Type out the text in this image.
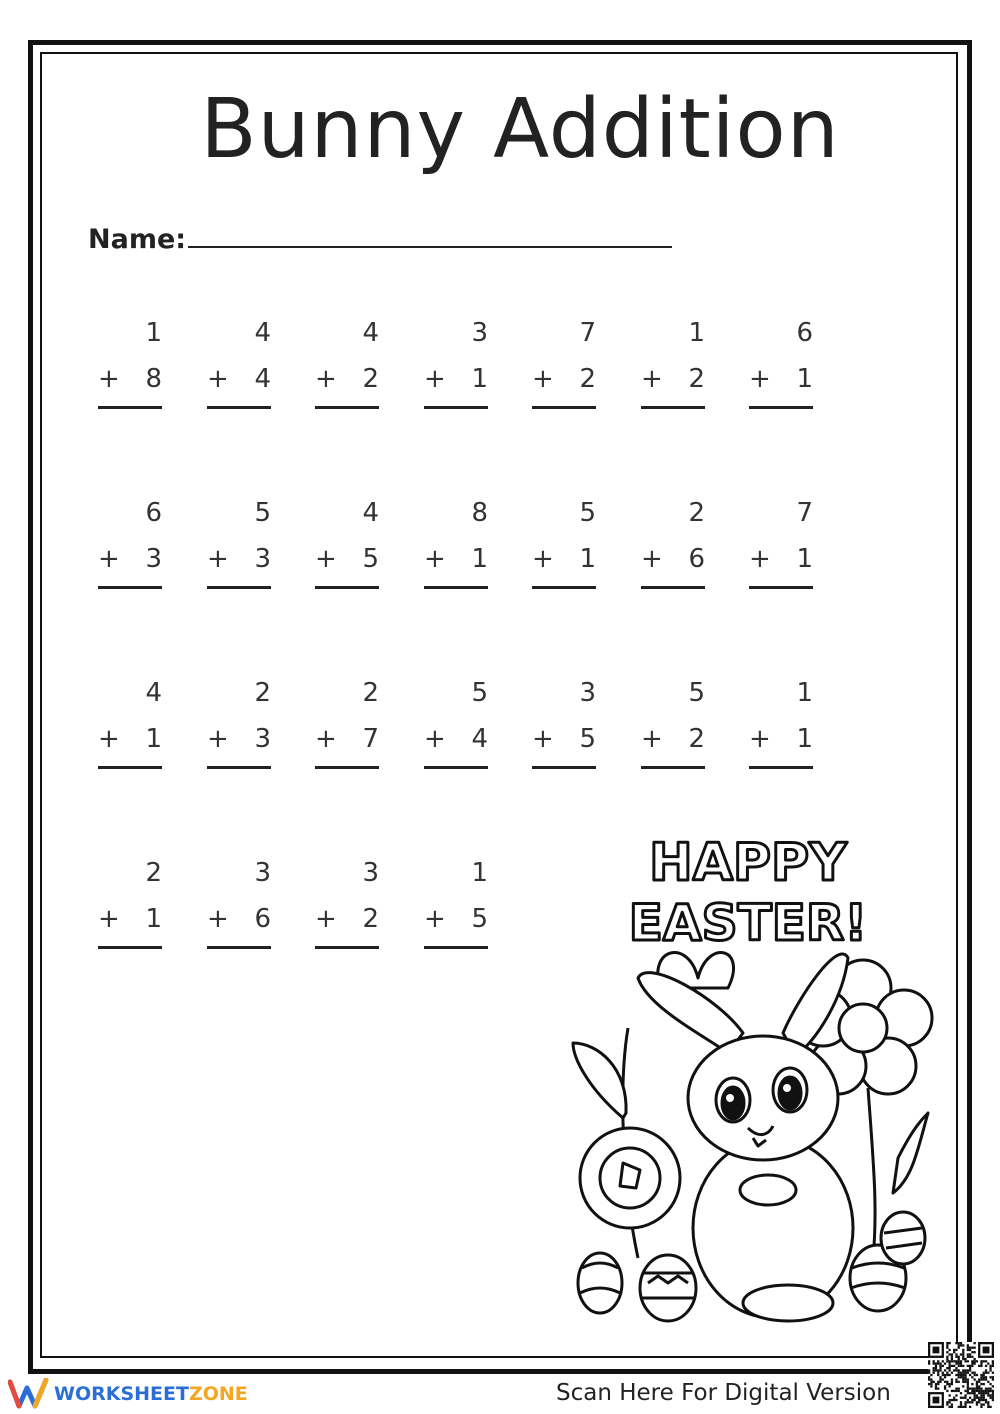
Bunny Addition
Name:
1
+ 8
4
+ 4
4
+ 2
3
+ 1
7
+ 2
1
+ 2
6
+ 1
6
+ 3
5
+ 3
4
+ 5
8
+ 1
5
+ 1
2
+ 6
7
+ 1
4
+ 1
2
+ 3
2
+ 7
5
+ 4
3
+ 5
5
+ 2
1
+ 1
2
+ 1
3
+ 6
3
+ 2
1
+ 5
HAPPY
EASTER!
WORKSHEETZONE	Scan Here For Digital Version
